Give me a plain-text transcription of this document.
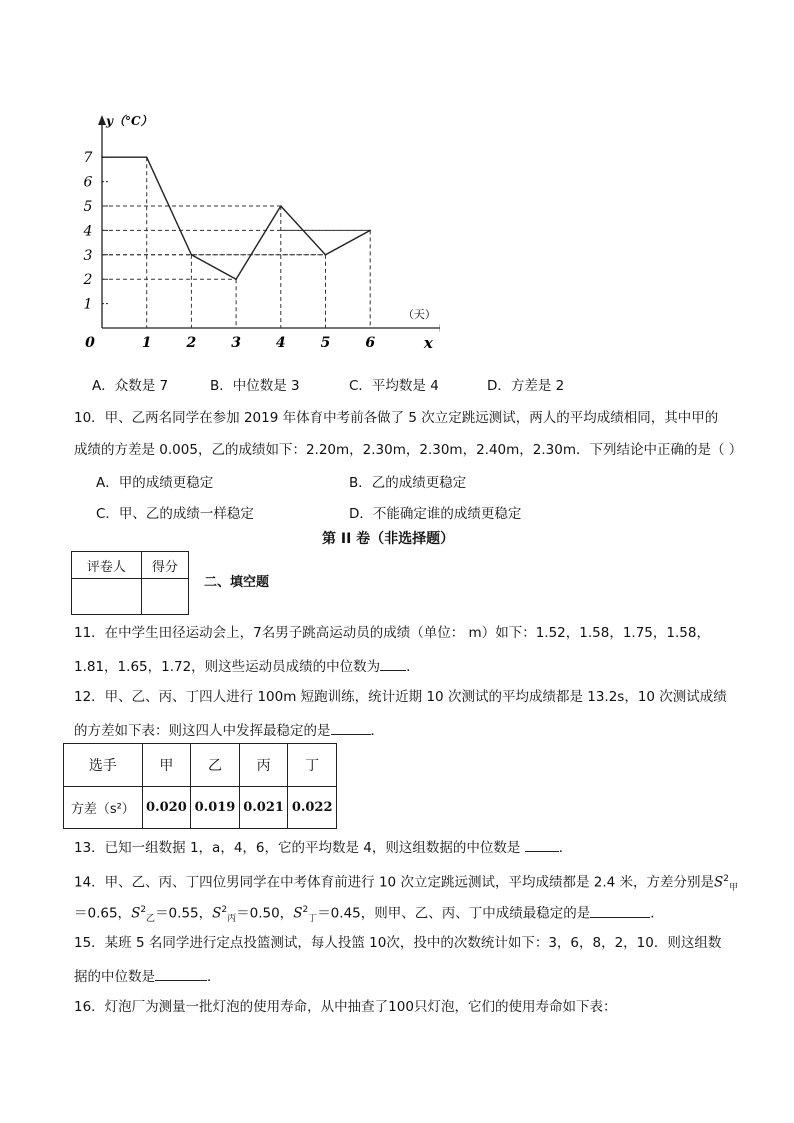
1
2
3
4
5
6
7
1 2 3 4 5 6
0	x
（天）
y（°C）
A．众数是 7	B．中位数是 3	C．平均数是 4	D．方差是 2
10．甲、乙两名同学在参加 2019 年体育中考前各做了 5 次立定跳远测试，两人的平均成绩相同，其中甲的
成绩的方差是 0.005，乙的成绩如下：2.20m，2.30m，2.30m，2.40m，2.30m．下列结论中正确的是（ ）
A．甲的成绩更稳定	B．乙的成绩更稳定
C．甲、乙的成绩一样稳定	D．不能确定谁的成绩更稳定
第 II 卷（非选择题）
评卷人	得分

二、填空题
11．在中学生田径运动会上，7名男子跳高运动员的成绩（单位： m）如下：1.52，1.58，1.75，1.58，
1.81，1.65，1.72，则这些运动员成绩的中位数为 ．
12．甲、乙、丙、丁四人进行 100m 短跑训练，统计近期 10 次测试的平均成绩都是 13.2s，10 次测试成绩
的方差如下表：则这四人中发挥最稳定的是	．
选手	甲	乙	丙	丁
方差（s²）	0.020	0.019	0.021	0.022
13．已知一组数据 1，a，4，6，它的平均数是 4，则这组数据的中位数是	．
14．甲、乙、丙、丁四位男同学在中考体育前进行 10 次立定跳远测试，平均成绩都是 2.4 米，方差分别是$S^2_甲$
＝0.65，$S^2_乙=0.55$，$S^2_丙=0.50$，$S^2_丁=0.45$，则甲、乙、丙、丁中成绩最稳定的是	．
15．某班 5 名同学进行定点投篮测试，每人投篮 10次，投中的次数统计如下：3，6，8，2，10．则这组数
据的中位数是	．
16．灯泡厂为测量一批灯泡的使用寿命，从中抽查了100只灯泡，它们的使用寿命如下表：
